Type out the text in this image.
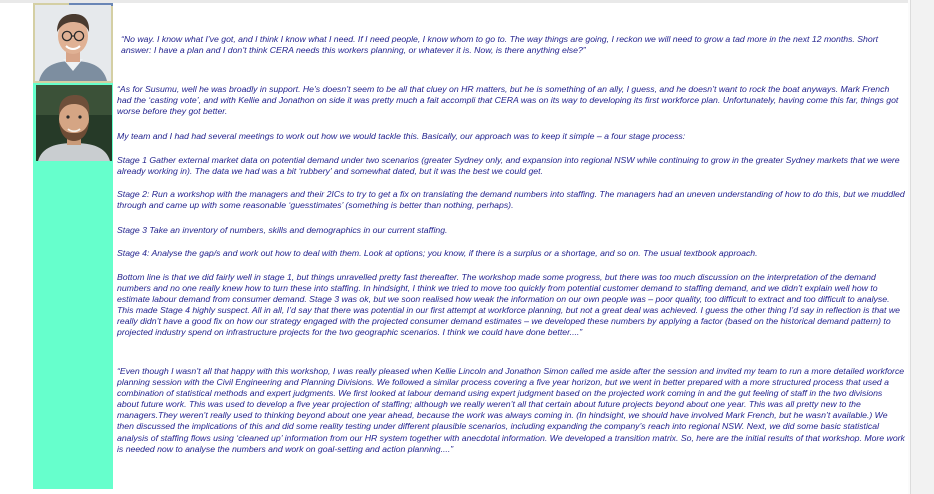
“No way. I know what I’ve got, and I think I know what I need. If I need people, I know whom to go to. The way things are going, I reckon we will need to grow a tad more in the next 12 months. Short answer: I have a plan and I don’t think CERA needs this workers planning, or whatever it is. Now, is there anything else?”

“As for Susumu, well he was broadly in support. He’s doesn’t seem to be all that cluey on HR matters, but he is something of an ally, I guess, and he doesn’t want to rock the boat anyways. Mark French had the ‘casting vote’, and with Kellie and Jonathon on side it was pretty much a fait accompli that CERA was on its way to developing its first workforce plan. Unfortunately, having come this far, things got worse before they got better.

My team and I had had several meetings to work out how we would tackle this. Basically, our approach was to keep it simple – a four stage process:

Stage 1 Gather external market data on potential demand under two scenarios (greater Sydney only, and expansion into regional NSW while continuing to grow in the greater Sydney markets that we were already working in). The data we had was a bit ‘rubbery’ and somewhat dated, but it was the best we could get.

Stage 2: Run a workshop with the managers and their 2ICs to try to get a fix on translating the demand numbers into staffing. The managers had an uneven understanding of how to do this, but we muddled through and came up with some reasonable ‘guesstimates’ (something is better than nothing, perhaps).

Stage 3 Take an inventory of numbers, skills and demographics in our current staffing.

Stage 4: Analyse the gap/s and work out how to deal with them. Look at options; you know, if there is a surplus or a shortage, and so on. The usual textbook approach.

Bottom line is that we did fairly well in stage 1, but things unravelled pretty fast thereafter. The workshop made some progress, but there was too much discussion on the interpretation of the demand numbers and no one really knew how to turn these into staffing. In hindsight, I think we tried to move too quickly from potential customer demand to staffing demand, and we didn’t explain well how to estimate labour demand from consumer demand. Stage 3 was ok, but we soon realised how weak the information on our own people was – poor quality, too difficult to extract and too difficult to analyse. This made Stage 4 highly suspect. All in all, I’d say that there was potential in our first attempt at workforce planning, but not a great deal was achieved. I guess the other thing I’d say in reflection is that we really didn’t have a good fix on how our strategy engaged with the projected consumer demand estimates – we developed these numbers by applying a factor (based on the historical demand pattern) to projected industry spend on infrastructure projects for the two geographic scenarios. I think we could have done better....”

“Even though I wasn’t all that happy with this workshop, I was really pleased when Kellie Lincoln and Jonathon Simon called me aside after the session and invited my team to run a more detailed workforce planning session with the Civil Engineering and Planning Divisions. We followed a similar process covering a five year horizon, but we went in better prepared with a more structured process that used a combination of statistical methods and expert judgments. We first looked at labour demand using expert judgment based on the projected work coming in and the gut feeling of staff in the two divisions about future work. This was used to develop a five year projection of staffing; although we really weren’t all that certain about future projects beyond about one year. This was all pretty new to the managers.They weren’t really used to thinking beyond about one year ahead, because the work was always coming in. (In hindsight, we should have involved Mark French, but he wasn’t available.) We then discussed the implications of this and did some reality testing under different plausible scenarios, including expanding the company’s reach into regional NSW. Next, we did some basic statistical analysis of staffing flows using ‘cleaned up’ information from our HR system together with anecdotal information. We developed a transition matrix. So, here are the initial results of that workshop. More work is needed now to analyse the numbers and work on goal-setting and action planning....”
